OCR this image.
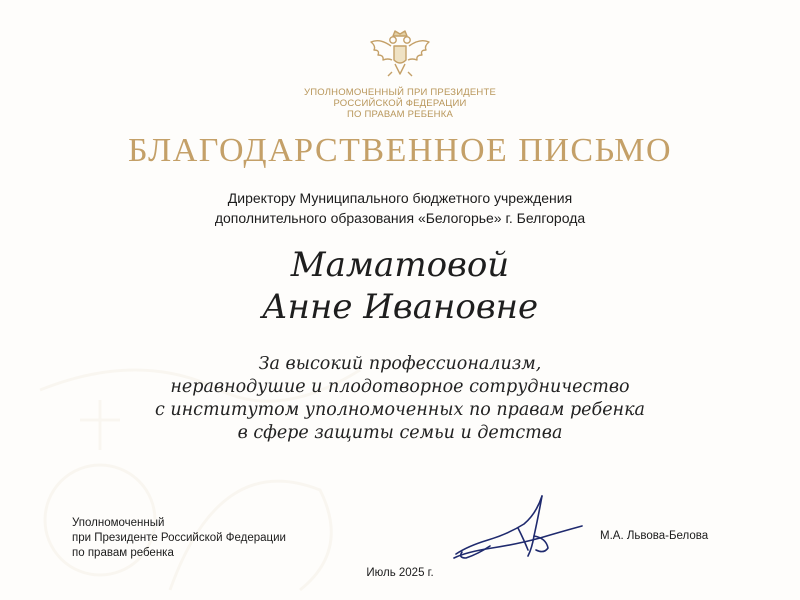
УПОЛНОМОЧЕННЫЙ ПРИ ПРЕЗИДЕНТЕ
РОССИЙСКОЙ ФЕДЕРАЦИИ
ПО ПРАВАМ РЕБЕНКА
БЛАГОДАРСТВЕННОЕ ПИСЬМО
Директору Муниципального бюджетного учреждения
дополнительного образования «Белогорье» г. Белгорода
Маматовой
Анне Ивановне
За высокий профессионализм,
неравнодушие и плодотворное сотрудничество
с институтом уполномоченных по правам ребенка
в сфере защиты семьи и детства
Уполномоченный
при Президенте Российской Федерации
по правам ребенка
М.А. Львова-Белова
Июль 2025 г.
